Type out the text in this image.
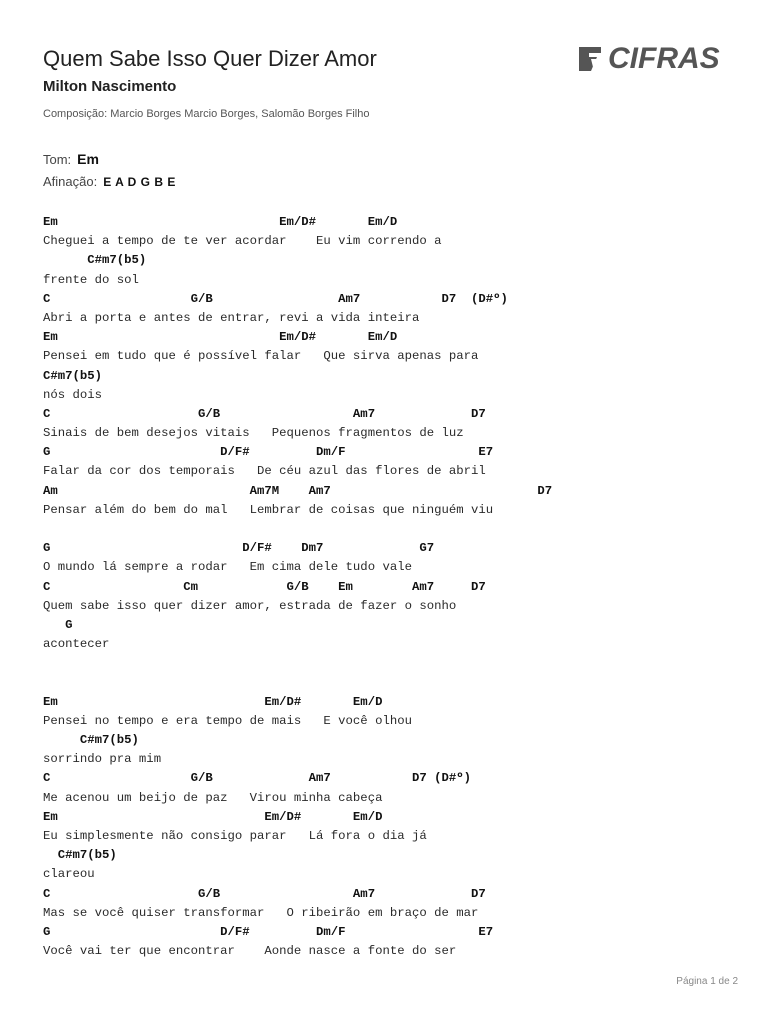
Quem Sabe Isso Quer Dizer Amor
Milton Nascimento
Composição: Marcio Borges Marcio Borges, Salomão Borges Filho
CIFRAS
Tom: Em
Afinação: E A D G B E
Em                              Em/D#       Em/D
Cheguei a tempo de te ver acordar    Eu vim correndo a
C#m7(b5)
frente do sol
C                   G/B                 Am7           D7  (D#º)
Abri a porta e antes de entrar, revi a vida inteira
Em                              Em/D#       Em/D
Pensei em tudo que é possível falar   Que sirva apenas para
C#m7(b5)
nós dois
C                    G/B                  Am7             D7
Sinais de bem desejos vitais   Pequenos fragmentos de luz
G                       D/F#         Dm/F                  E7
Falar da cor dos temporais   De céu azul das flores de abril
Am                          Am7M    Am7                            D7
Pensar além do bem do mal   Lembrar de coisas que ninguém viu
G                          D/F#    Dm7             G7
O mundo lá sempre a rodar   Em cima dele tudo vale
C                  Cm            G/B    Em        Am7     D7
Quem sabe isso quer dizer amor, estrada de fazer o sonho
G
acontecer
Em                            Em/D#       Em/D
Pensei no tempo e era tempo de mais   E você olhou
C#m7(b5)
sorrindo pra mim
C                   G/B             Am7           D7 (D#º)
Me acenou um beijo de paz   Virou minha cabeça
Em                            Em/D#       Em/D
Eu simplesmente não consigo parar   Lá fora o dia já
C#m7(b5)
clareou
C                    G/B                  Am7             D7
Mas se você quiser transformar   O ribeirão em braço de mar
G                       D/F#         Dm/F                  E7
Você vai ter que encontrar    Aonde nasce a fonte do ser
Página 1 de 2
